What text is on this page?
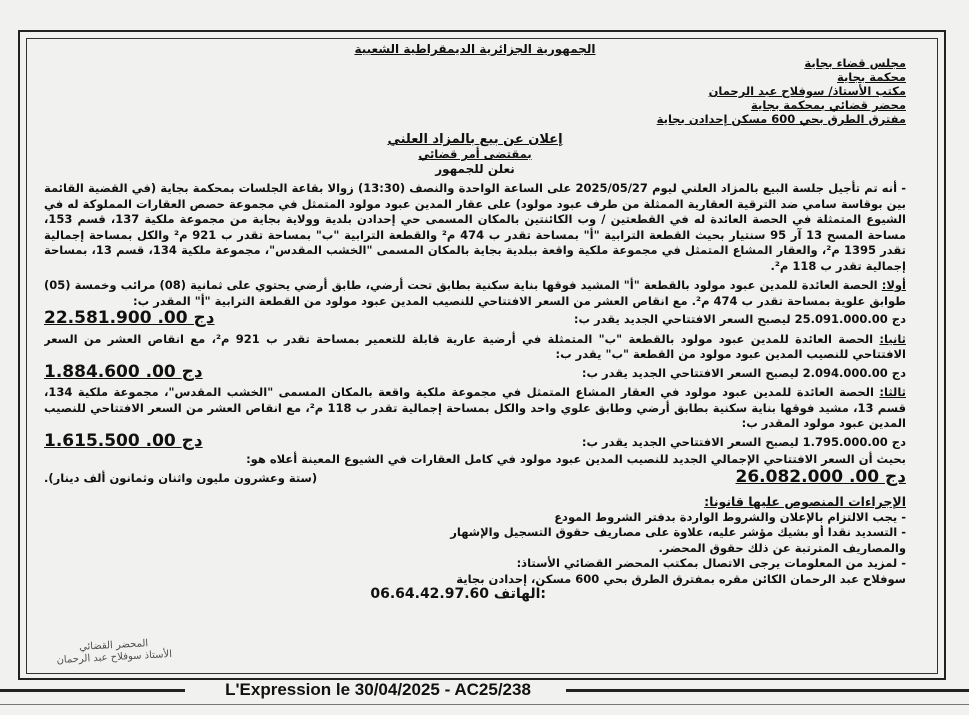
الجمهورية الجزائرية الديمقراطية الشعبية
مجلس قضاء بجاية
محكمة بجاية
مكتب الأستاذ/ سوفلاح عبد الرحمان
محضر قضائي بمحكمة بجاية
مفترق الطرق بحي 600 مسكن إحدادن بجاية
إعلان عن بيع بالمزاد العلني
بمقتضى أمر قضائي
نعلن للجمهور

- أنه تم تأجيل جلسة البيع بالمزاد العلني ليوم 2025/05/27 على الساعة الواحدة والنصف (13:30) زوالا بقاعة الجلسات بمحكمة بجاية (في القضية القائمة بين بوقاسة سامي ضد الترقية العقارية الممثلة من طرف عبود مولود) على عقار المدين عبود مولود المتمثل في مجموعة حصص العقارات المملوكة له في الشيوع المتمثلة في الحصة العائدة له في القطعتين / وب الكائنتين بالمكان المسمى حي إحدادن بلدية وولاية بجاية من مجموعة ملكية 137، قسم 153، مساحة المسح 13 آر 95 سنتيار بحيث القطعة الترابية "أ" بمساحة تقدر ب 474 م² والقطعة الترابية "ب" بمساحة تقدر ب 921 م² والكل بمساحة إجمالية تقدر 1395 م²، والعقار المشاع المتمثل في مجموعة ملكية واقعة ببلدية بجاية بالمكان المسمى "الخشب المقدس"، مجموعة ملكية 134، قسم 13، بمساحة إجمالية تقدر ب 118 م².

أولا: الحصة العائدة للمدين عبود مولود بالقطعة "أ" المشيد فوقها بناية سكنية بطابق تحت أرضي، طابق أرضي يحتوي على ثمانية (08) مرائب وخمسة (05) طوابق علوية بمساحة تقدر ب 474 م². مع انقاص العشر من السعر الافتتاحي للنصيب المدين عبود مولود من القطعة الترابية "أ" المقدر ب:

25.091.000.00 دج ليصبح السعر الافتتاحي الجديد يقدر ب:
22.581.900 .00 دج

ثانيا: الحصة العائدة للمدين عبود مولود بالقطعة "ب" المتمثلة في أرضية عارية قابلة للتعمير بمساحة تقدر ب 921 م²، مع انقاص العشر من السعر الافتتاحي للنصيب المدين عبود مولود من القطعة "ب" يقدر ب:

2.094.000.00 دج ليصبح السعر الافتتاحي الجديد يقدر ب:
1.884.600 .00 دج

ثالثا: الحصة العائدة للمدين عبود مولود في العقار المشاع المتمثل في مجموعة ملكية واقعة بالمكان المسمى "الخشب المقدس"، مجموعة ملكية 134، قسم 13، مشيد فوقها بناية سكنية بطابق أرضي وطابق علوي واحد والكل بمساحة إجمالية تقدر ب 118 م²، مع انقاص العشر من السعر الافتتاحي للنصيب المدين عبود مولود المقدر ب:

1.795.000.00 دج ليصبح السعر الافتتاحي الجديد يقدر ب:
1.615.500 .00 دج

بحيث أن السعر الافتتاحي الإجمالي الجديد للنصيب المدين عبود مولود في كامل العقارات في الشيوع المعينة أعلاه هو:

26.082.000 .00 دج
(ستة وعشرون مليون واثنان وثمانون ألف دينار).
الإجراءات المنصوص عليها قانونا:
- يجب الالتزام بالإعلان والشروط الواردة بدفتر الشروط المودع
- التسديد نقدا أو بشيك مؤشر عليه، علاوة على مصاريف حقوق التسجيل والإشهار
والمصاريف المترتبة عن ذلك حقوق المحضر.
- لمزيد من المعلومات يرجى الاتصال بمكتب المحضر القضائي الأستاذ:
سوفلاح عبد الرحمان الكائن مقره بمفترق الطرق بحي 600 مسكن، إحدادن بجاية
الهاتف: 06.64.42.97.60
المحضر القضائي
الأستاذ سوفلاح عبد الرحمان
L'Expression le 30/04/2025 - AC25/238
